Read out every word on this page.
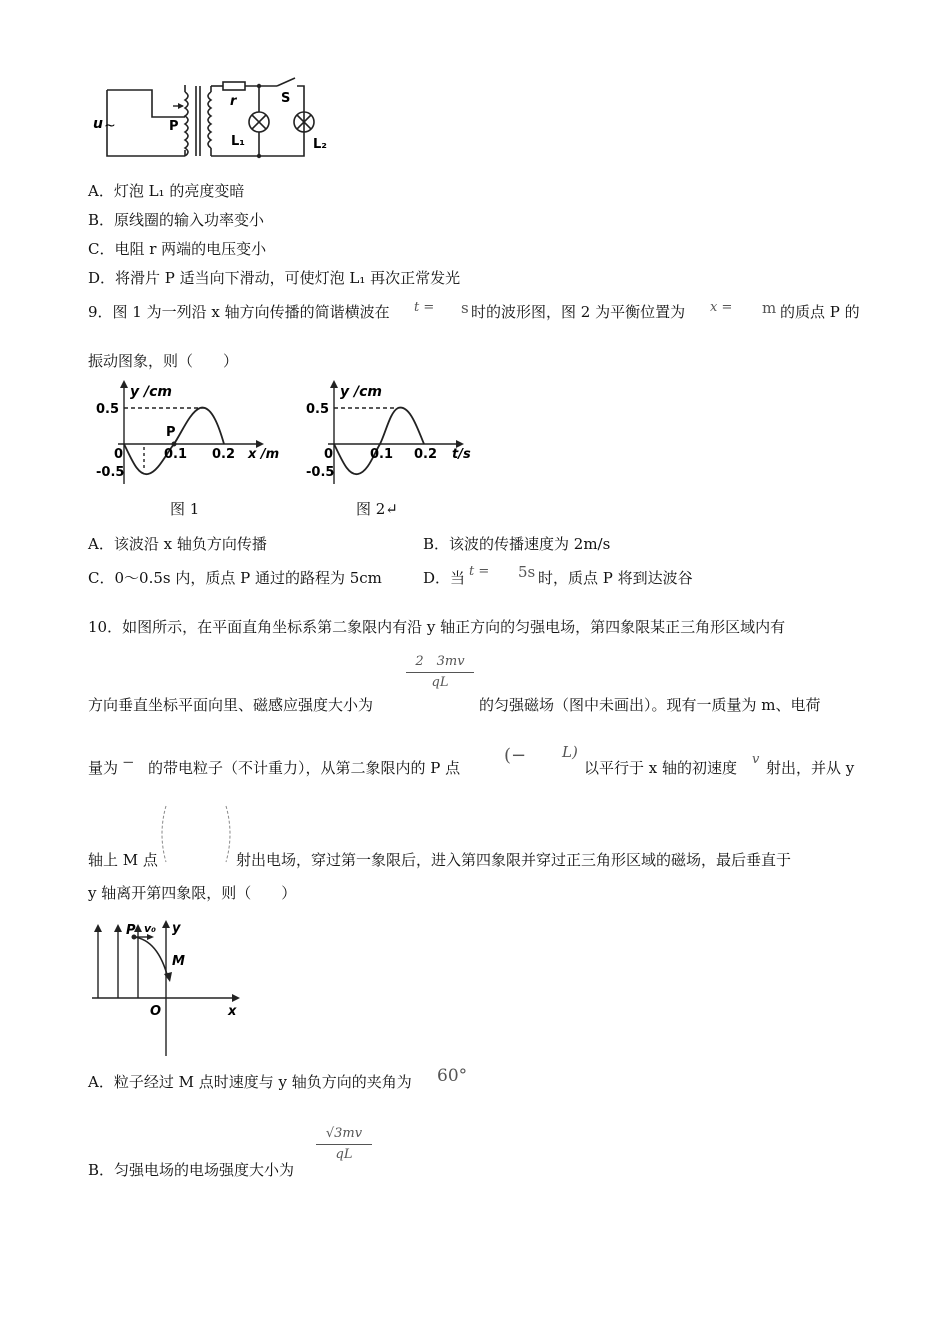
u ~	P
r	S
L₁	L₂
A．灯泡 L₁ 的亮度变暗
B．原线圈的输入功率变小
C．电阻 r 两端的电压变小
D．将滑片 P 适当向下滑动，可使灯泡 L₁ 再次正常发光
9．图 1 为一列沿 x 轴方向传播的简谐横波在 t = s 时的波形图，图 2 为平衡位置为 x = m 的质点 P 的
振动图象，则（　　）
y /cm
0.5
-0.5
0
P
0.1 0.2 x /m
图 1
y /cm
0.5
-0.5
0	0.1 0.2 t/s
图 2↵
A．该波沿 x 轴负方向传播	B．该波的传播速度为 2m/s
C．0～0.5s 内，质点 P 通过的路程为 5cm	D．当 t = 5s 时，质点 P 将到达波谷
10．如图所示，在平面直角坐标系第二象限内有沿 y 轴正方向的匀强电场，第四象限某正三角形区域内有
2　3mv
qL
方向垂直坐标平面向里、磁感应强度大小为	的匀强磁场（图中未画出）。现有一质量为 m、电荷
量为 − 的带电粒子（不计重力），从第二象限内的 P 点
(− L)
以平行于 x 轴的初速度 v 射出，并从 y
轴上 M 点	射出电场，穿过第一象限后，进入第四象限并穿过正三角形区域的磁场，最后垂直于
y 轴离开第四象限，则（　　）
P v₀ y
M
O	x
A．粒子经过 M 点时速度与 y 轴负方向的夹角为 60°
√3mv
qL
B．匀强电场的电场强度大小为
